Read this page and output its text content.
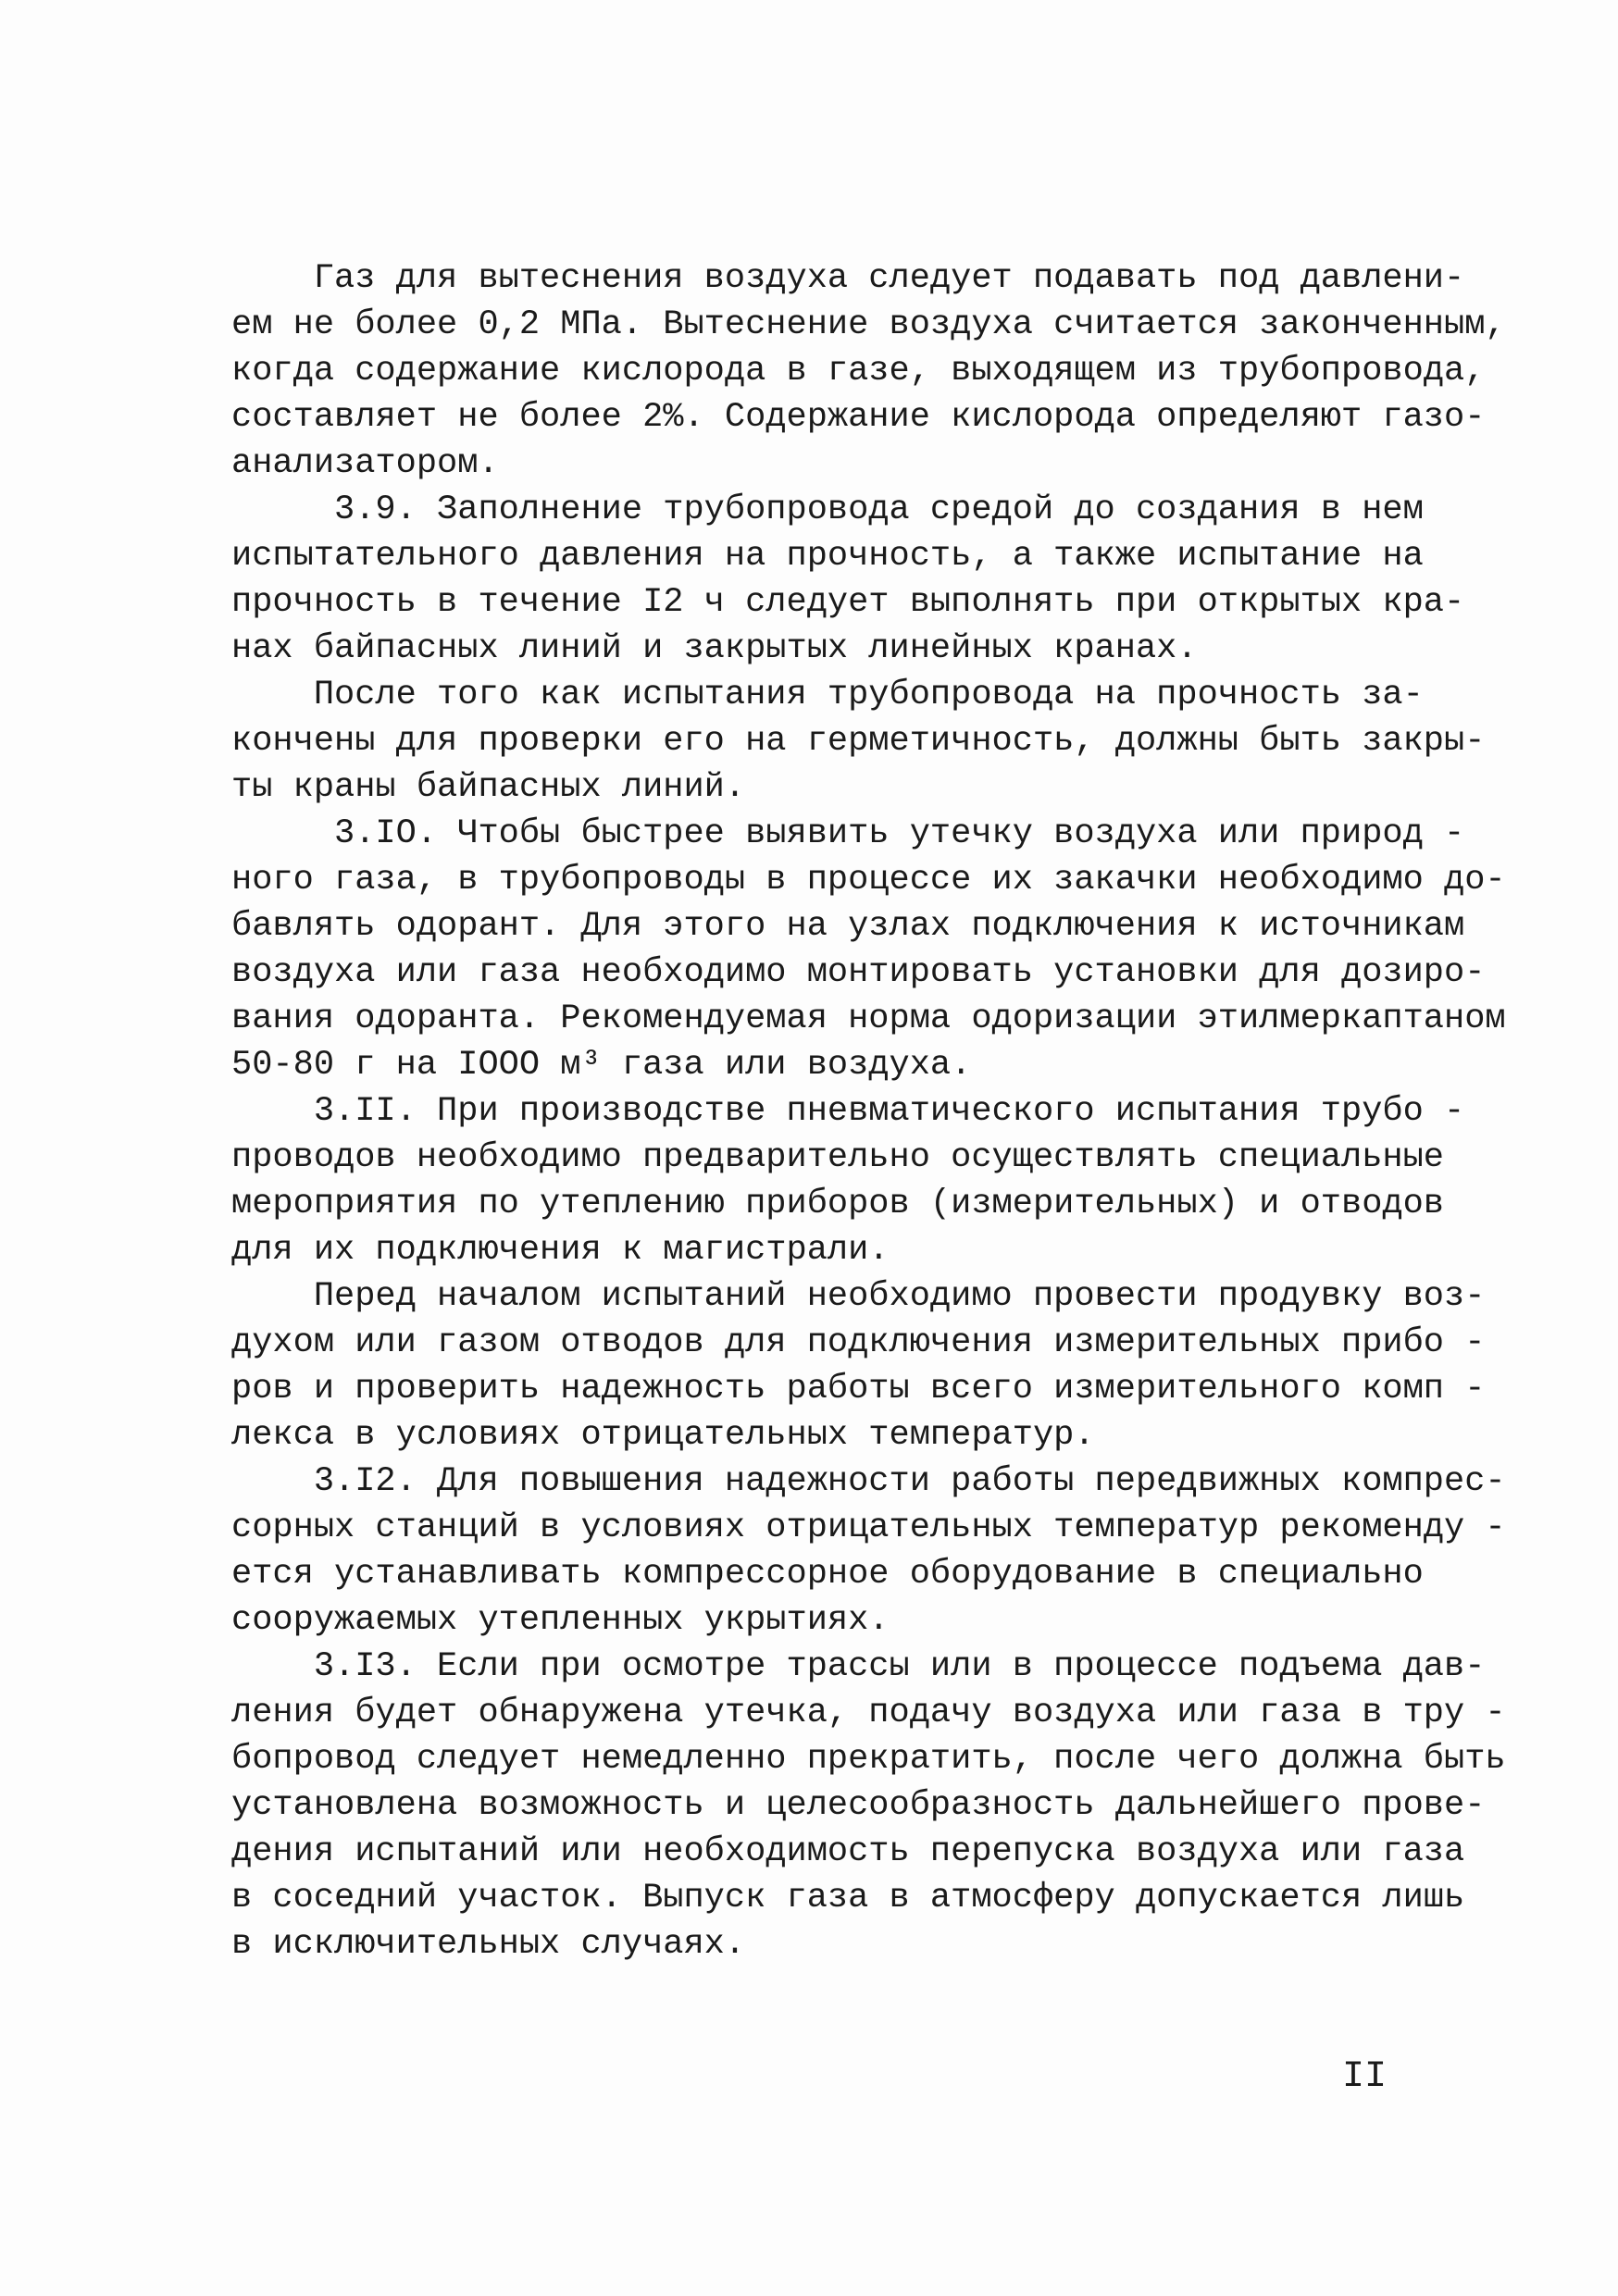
Газ для вытеснения воздуха следует подавать под давлени-
ем не более 0,2 МПа. Вытеснение воздуха считается законченным,
когда содержание кислорода в газе, выходящем из трубопровода,
составляет не более 2%. Содержание кислорода определяют газо-
анализатором.
3.9. Заполнение трубопровода средой до создания в нем
испытательного давления на прочность, а также испытание на
прочность в течение I2 ч следует выполнять при открытых кра-
нах байпасных линий и закрытых линейных кранах.
После того как испытания трубопровода на прочность за-
кончены для проверки его на герметичность, должны быть закры-
ты краны байпасных линий.
3.IO. Чтобы быстрее выявить утечку воздуха или природ -
ного газа, в трубопроводы в процессе их закачки необходимо до-
бавлять одорант. Для этого на узлах подключения к источникам
воздуха или газа необходимо монтировать установки для дозиро-
вания одоранта. Рекомендуемая норма одоризации этилмеркаптаном
50-80 г на IOOO м³ газа или воздуха.
3.II. При производстве пневматического испытания трубо -
проводов необходимо предварительно осуществлять специальные
мероприятия по утеплению приборов (измерительных) и отводов
для их подключения к магистрали.
Перед началом испытаний необходимо провести продувку воз-
духом или газом отводов для подключения измерительных прибо -
ров и проверить надежность работы всего измерительного комп -
лекса в условиях отрицательных температур.
3.I2. Для повышения надежности работы передвижных компрес-
сорных станций в условиях отрицательных температур рекоменду -
ется устанавливать компрессорное оборудование в специально
сооружаемых утепленных укрытиях.
3.I3. Если при осмотре трассы или в процессе подъема дав-
ления будет обнаружена утечка, подачу воздуха или газа в тру -
бопровод следует немедленно прекратить, после чего должна быть
установлена возможность и целесообразность дальнейшего прове-
дения испытаний или необходимость перепуска воздуха или газа
в соседний участок. Выпуск газа в атмосферу допускается лишь
в исключительных случаях.
II
